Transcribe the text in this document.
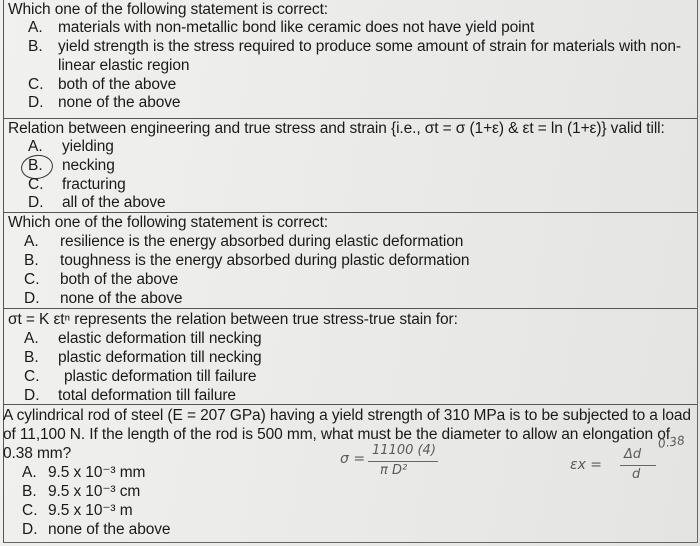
Which one of the following statement is correct:
A. materials with non-metallic bond like ceramic does not have yield point
B. yield strength is the stress required to produce some amount of strain for materials with non-
linear elastic region
C. both of the above
D. none of the above
Relation between engineering and true stress and strain {i.e., σt = σ (1+ε) & εt = ln (1+ε)} valid till:
A. yielding
B. necking
C. fracturing
D. all of the above
Which one of the following statement is correct:
A. resilience is the energy absorbed during elastic deformation
B. toughness is the energy absorbed during plastic deformation
C. both of the above
D. none of the above
σt = K εtⁿ represents the relation between true stress-true stain for:
A. elastic deformation till necking
B. plastic deformation till necking
C. plastic deformation till failure
D. total deformation till failure
A cylindrical rod of steel (E = 207 GPa) having a yield strength of 310 MPa is to be subjected to a load
of 11,100 N. If the length of the rod is 500 mm, what must be the diameter to allow an elongation of
0.38 mm?
A. 9.5 x 10⁻³ mm
B. 9.5 x 10⁻³ cm
C. 9.5 x 10⁻³ m
D. none of the above
σ =
11100 (4)
π D²	εx =
Δd
0.38
d
